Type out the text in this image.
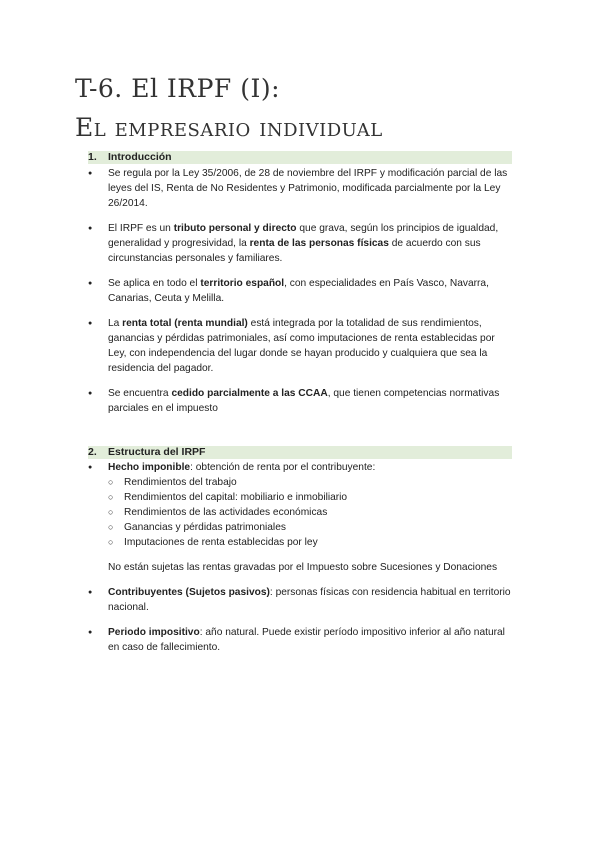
T-6. El IRPF (I):
El empresario individual
1. Introducción
● Se regula por la Ley 35/2006, de 28 de noviembre del IRPF y modificación parcial de las leyes del IS, Renta de No Residentes y Patrimonio, modificada parcialmente por la Ley 26/2014.
● El IRPF es un tributo personal y directo que grava, según los principios de igualdad, generalidad y progresividad, la renta de las personas físicas de acuerdo con sus circunstancias personales y familiares.
● Se aplica en todo el territorio español, con especialidades en País Vasco, Navarra, Canarias, Ceuta y Melilla.
● La renta total (renta mundial) está integrada por la totalidad de sus rendimientos, ganancias y pérdidas patrimoniales, así como imputaciones de renta establecidas por Ley, con independencia del lugar donde se hayan producido y cualquiera que sea la residencia del pagador.
● Se encuentra cedido parcialmente a las CCAA, que tienen competencias normativas parciales en el impuesto
2. Estructura del IRPF
● Hecho imponible: obtención de renta por el contribuyente:
○ Rendimientos del trabajo
○ Rendimientos del capital: mobiliario e inmobiliario
○ Rendimientos de las actividades económicas
○ Ganancias y pérdidas patrimoniales
○ Imputaciones de renta establecidas por ley
No están sujetas las rentas gravadas por el Impuesto sobre Sucesiones y Donaciones
● Contribuyentes (Sujetos pasivos): personas físicas con residencia habitual en territorio nacional.
● Periodo impositivo: año natural. Puede existir período impositivo inferior al año natural en caso de fallecimiento.
